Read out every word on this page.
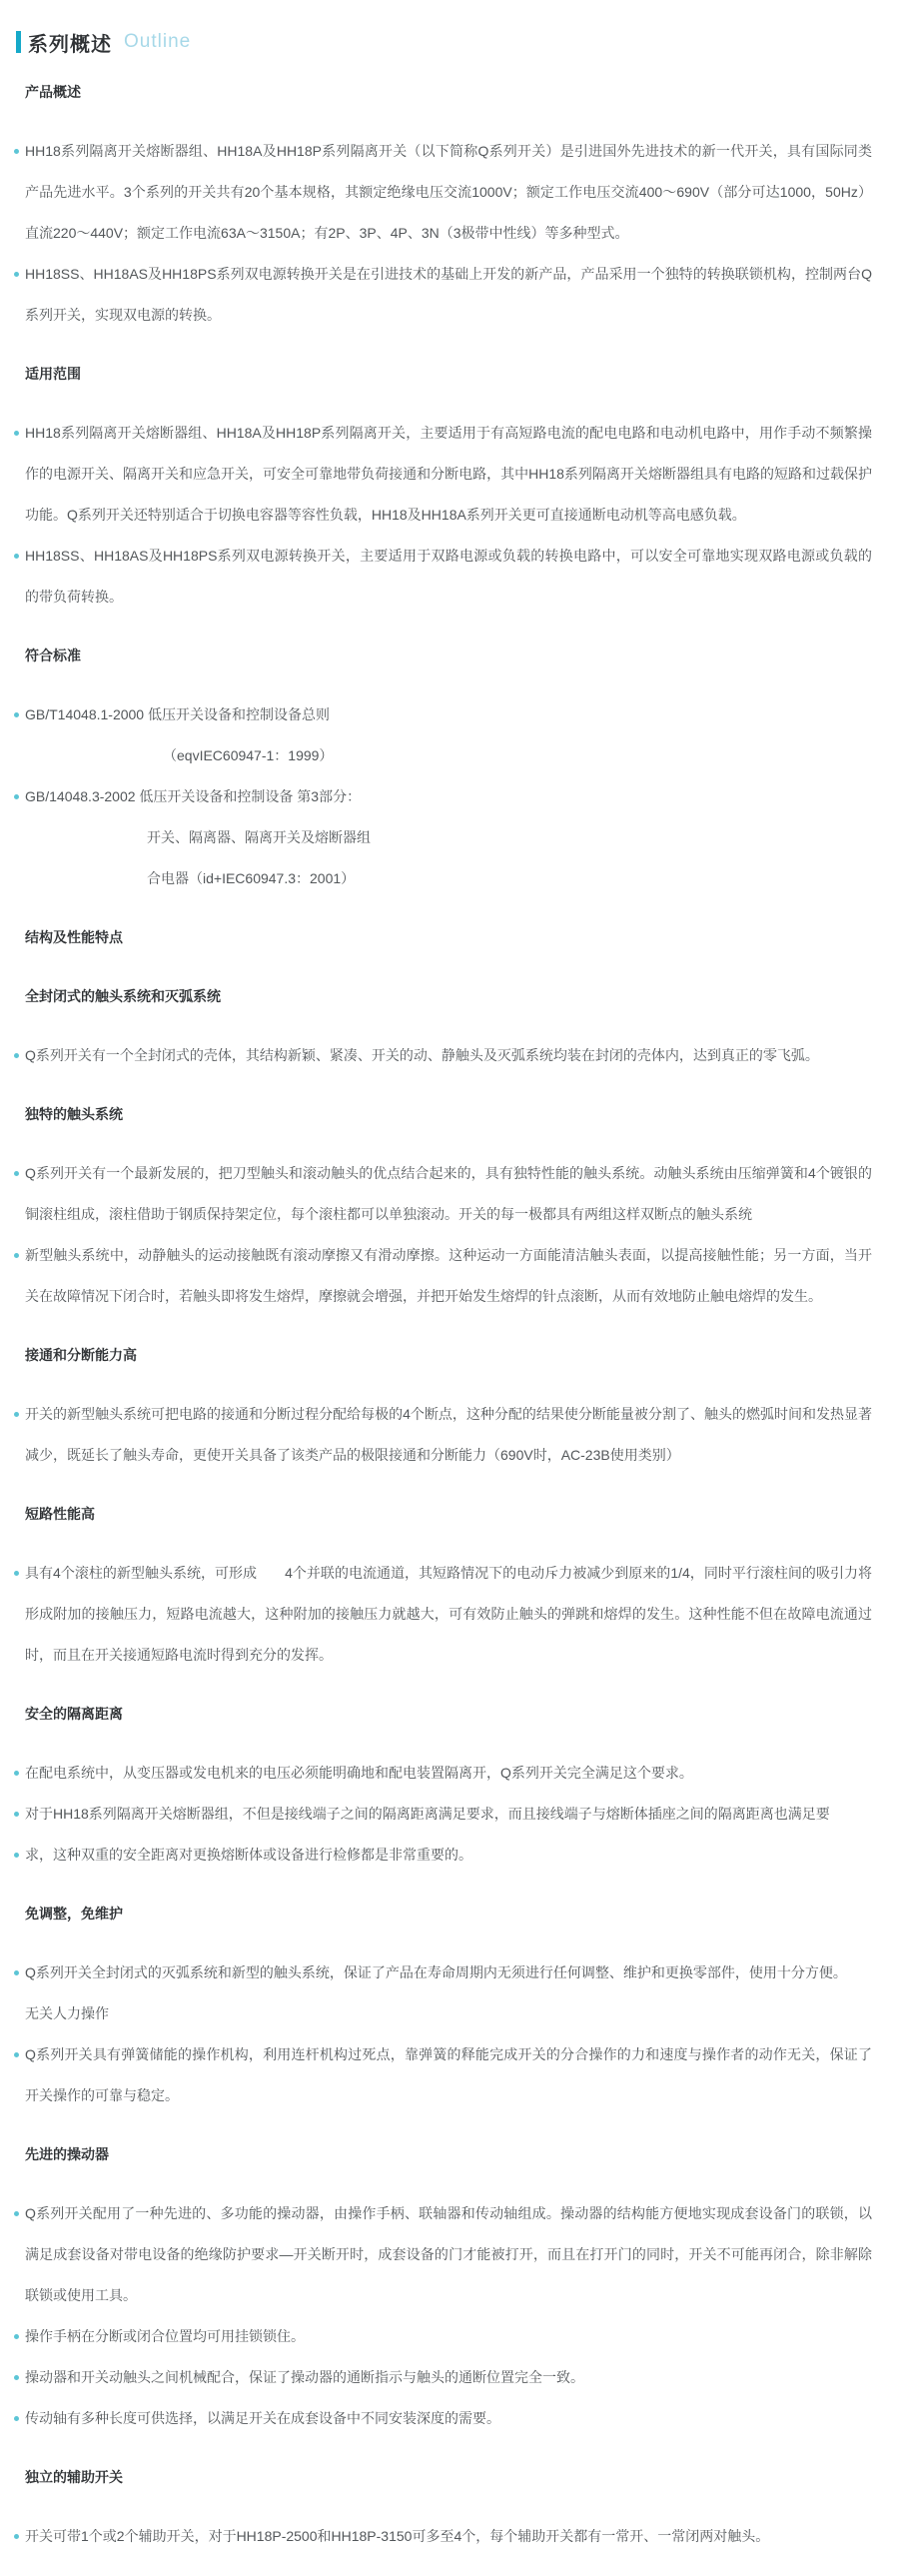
系列概述 Outline

产品概述

HH18系列隔离开关熔断器组、HH18A及HH18P系列隔离开关（以下简称Q系列开关）是引进国外先进技术的新一代开关，具有国际同类产品先进水平。3个系列的开关共有20个基本规格，其额定绝缘电压交流1000V；额定工作电压交流400～690V（部分可达1000，50Hz）直流220～440V；额定工作电流63A～3150A；有2P、3P、4P、3N（3极带中性线）等多种型式。

HH18SS、HH18AS及HH18PS系列双电源转换开关是在引进技术的基础上开发的新产品，产品采用一个独特的转换联锁机构，控制两台Q系列开关，实现双电源的转换。

适用范围

HH18系列隔离开关熔断器组、HH18A及HH18P系列隔离开关，主要适用于有高短路电流的配电电路和电动机电路中，用作手动不频繁操作的电源开关、隔离开关和应急开关，可安全可靠地带负荷接通和分断电路，其中HH18系列隔离开关熔断器组具有电路的短路和过载保护功能。Q系列开关还特别适合于切换电容器等容性负载，HH18及HH18A系列开关更可直接通断电动机等高电感负载。

HH18SS、HH18AS及HH18PS系列双电源转换开关，主要适用于双路电源或负载的转换电路中，可以安全可靠地实现双路电源或负载的的带负荷转换。

符合标准

GB/T14048.1-2000 低压开关设备和控制设备总则

（eqvIEC60947-1：1999）

GB/14048.3-2002 低压开关设备和控制设备 第3部分：

开关、隔离器、隔离开关及熔断器组

合电器（id+IEC60947.3：2001）

结构及性能特点

全封闭式的触头系统和灭弧系统

Q系列开关有一个全封闭式的壳体，其结构新颖、紧凑、开关的动、静触头及灭弧系统均装在封闭的壳体内，达到真正的零飞弧。

独特的触头系统

Q系列开关有一个最新发展的，把刀型触头和滚动触头的优点结合起来的，具有独特性能的触头系统。动触头系统由压缩弹簧和4个镀银的铜滚柱组成，滚柱借助于钢质保持架定位，每个滚柱都可以单独滚动。开关的每一极都具有两组这样双断点的触头系统

新型触头系统中，动静触头的运动接触既有滚动摩擦又有滑动摩擦。这种运动一方面能清洁触头表面，以提高接触性能；另一方面，当开关在故障情况下闭合时，若触头即将发生熔焊，摩擦就会增强，并把开始发生熔焊的针点滚断，从而有效地防止触电熔焊的发生。

接通和分断能力高

开关的新型触头系统可把电路的接通和分断过程分配给每极的4个断点，这种分配的结果使分断能量被分割了、触头的燃弧时间和发热显著减少，既延长了触头寿命，更使开关具备了该类产品的极限接通和分断能力（690V时，AC-23B使用类别）

短路性能高

具有4个滚柱的新型触头系统，可形成　　4个并联的电流通道，其短路情况下的电动斥力被减少到原来的1/4，同时平行滚柱间的吸引力将形成附加的接触压力，短路电流越大，这种附加的接触压力就越大，可有效防止触头的弹跳和熔焊的发生。这种性能不但在故障电流通过时，而且在开关接通短路电流时得到充分的发挥。

安全的隔离距离

在配电系统中，从变压器或发电机来的电压必须能明确地和配电装置隔离开，Q系列开关完全满足这个要求。

对于HH18系列隔离开关熔断器组，不但是接线端子之间的隔离距离满足要求，而且接线端子与熔断体插座之间的隔离距离也满足要

求，这种双重的安全距离对更换熔断体或设备进行检修都是非常重要的。

免调整，免维护

Q系列开关全封闭式的灭弧系统和新型的触头系统，保证了产品在寿命周期内无须进行任何调整、维护和更换零部件，使用十分方便。

无关人力操作

Q系列开关具有弹簧储能的操作机构，利用连杆机构过死点，靠弹簧的释能完成开关的分合操作的力和速度与操作者的动作无关，保证了开关操作的可靠与稳定。

先进的操动器

Q系列开关配用了一种先进的、多功能的操动器，由操作手柄、联轴器和传动轴组成。操动器的结构能方便地实现成套设备门的联锁，以满足成套设备对带电设备的绝缘防护要求—开关断开时，成套设备的门才能被打开，而且在打开门的同时，开关不可能再闭合，除非解除联锁或使用工具。

操作手柄在分断或闭合位置均可用挂锁锁住。

操动器和开关动触头之间机械配合，保证了操动器的通断指示与触头的通断位置完全一致。

传动轴有多种长度可供选择，以满足开关在成套设备中不同安装深度的需要。

独立的辅助开关

开关可带1个或2个辅助开关，对于HH18P-2500和HH18P-3150可多至4个，每个辅助开关都有一常开、一常闭两对触头。
